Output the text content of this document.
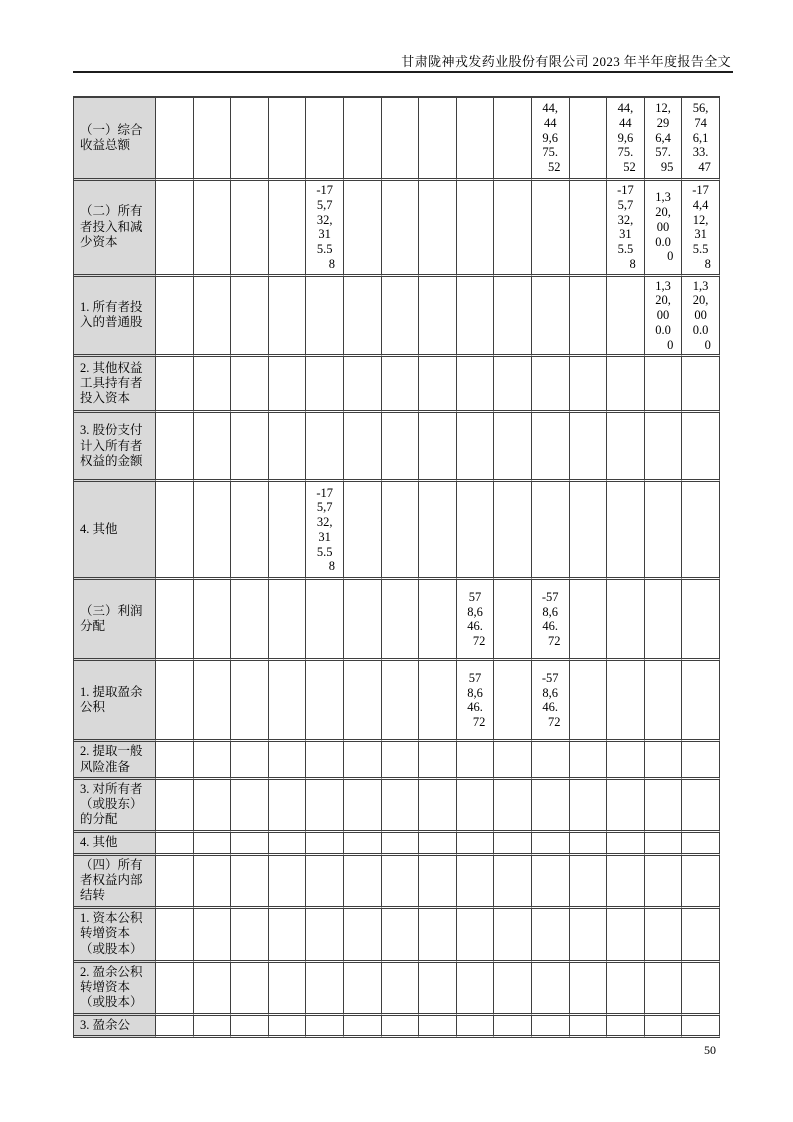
甘肃陇神戎发药业股份有限公司 2023 年半年度报告全文
（一）综合收益总额											44,449,675.52		44,449,675.52	12,296,457.95	56,746,133.47
（二）所有者投入和减少资本					-175,732,315.58								-175,732,315.58	1,320,000.00	-174,412,315.58
1. 所有者投入的普通股														1,320,000.00	1,320,000.00
2. 其他权益工具持有者投入资本															
3. 股份支付计入所有者权益的金额															
4. 其他					-175,732,315.58										
（三）利润分配									578,646.72		-578,646.72				
1. 提取盈余公积									578,646.72		-578,646.72				
2. 提取一般风险准备															
3. 对所有者（或股东）的分配															
4. 其他															
（四）所有者权益内部结转															
1. 资本公积转增资本（或股本）															
2. 盈余公积转增资本（或股本）															
3. 盈余公															
50
